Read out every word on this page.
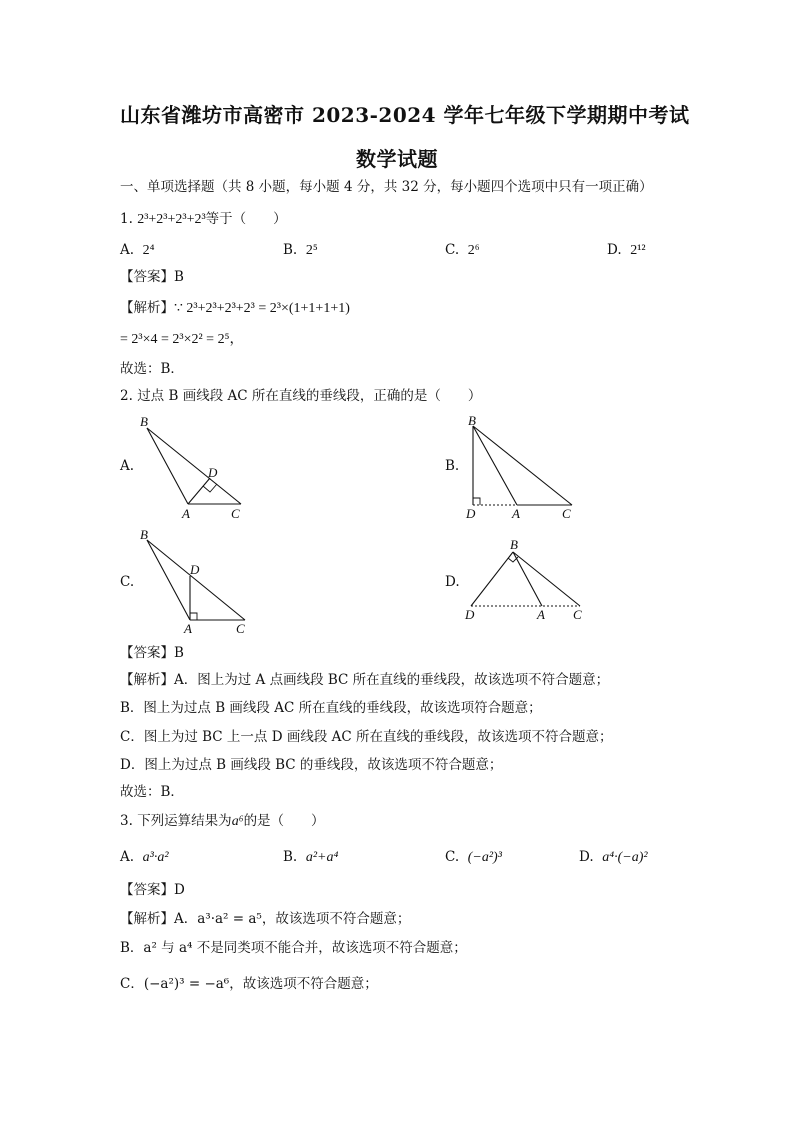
山东省潍坊市高密市 2023-2024 学年七年级下学期期中考试
数学试题
一、单项选择题（共 8 小题，每小题 4 分，共 32 分，每小题四个选项中只有一项正确）
1. 2³+2³+2³+2³等于（　　）
A. 2⁴	B. 2⁵	C. 2⁶	D. 2¹²
【答案】B
【解析】∵ 2³+2³+2³+2³ = 2³×(1+1+1+1)
= 2³×4 = 2³×2² = 2⁵，
故选：B．
2. 过点 B 画线段 AC 所在直线的垂线段，正确的是（　　）
A.	B.
C.	D.
B
D
A	C
B
D	A	C
B
D
A	C
B
D	A C
【答案】B
【解析】A．图上为过 A 点画线段 BC 所在直线的垂线段，故该选项不符合题意；
B．图上为过点 B 画线段 AC 所在直线的垂线段，故该选项符合题意；
C．图上为过 BC 上一点 D 画线段 AC 所在直线的垂线段，故该选项不符合题意；
D．图上为过点 B 画线段 BC 的垂线段，故该选项不符合题意；
故选：B．
3. 下列运算结果为a⁶的是（　　）
A. a³·a²	B. a²+a⁴	C. (−a²)³	D. a⁴·(−a)²
【答案】D
【解析】A．a³·a² = a⁵，故该选项不符合题意；
B．a² 与 a⁴ 不是同类项不能合并，故该选项不符合题意；
C．(−a²)³ = −a⁶，故该选项不符合题意；
